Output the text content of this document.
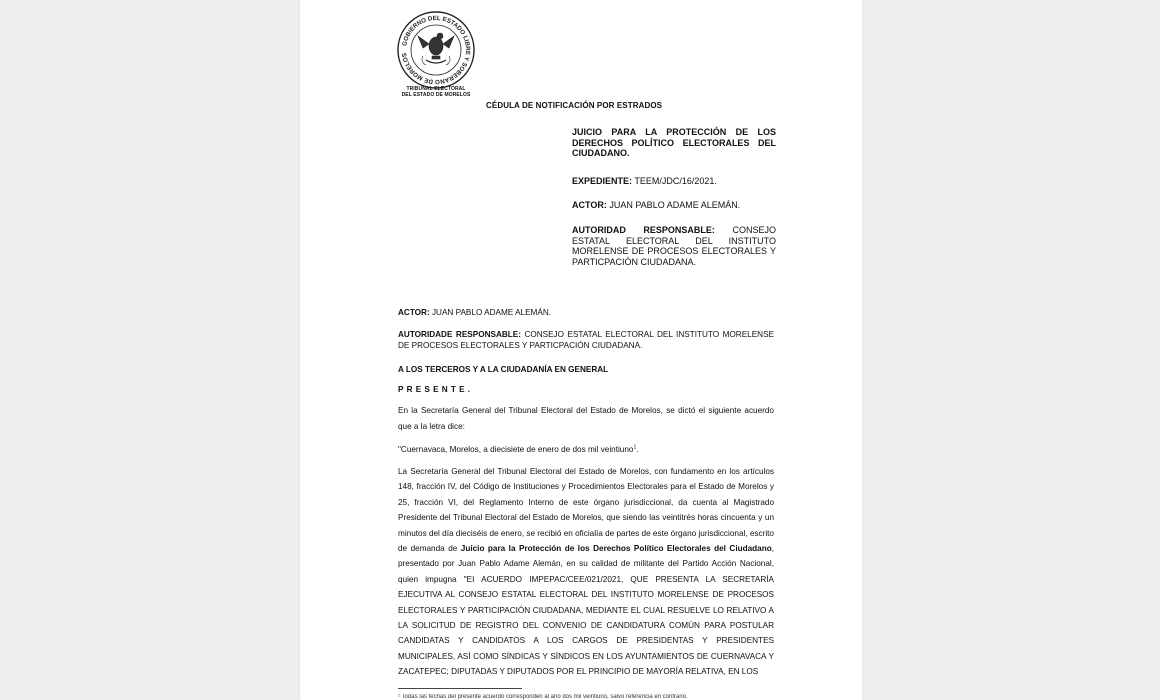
GOBIERNO DEL ESTADO LIBRE Y SOBERANO DE MORELOS
TRIBUNAL ELECTORAL
DEL ESTADO DE MORELOS
CÉDULA DE NOTIFICACIÓN POR ESTRADOS
JUICIO PARA LA PROTECCIÓN DE LOS DERECHOS POLÍTICO ELECTORALES DEL CIUDADANO.
EXPEDIENTE: TEEM/JDC/16/2021.
ACTOR: JUAN PABLO ADAME ALEMÁN.
AUTORIDAD RESPONSABLE: CONSEJO ESTATAL ELECTORAL DEL INSTITUTO MORELENSE DE PROCESOS ELECTORALES Y PARTICPACIÓN CIUDADANA.
ACTOR: JUAN PABLO ADAME ALEMÁN.
AUTORIDADE RESPONSABLE: CONSEJO ESTATAL ELECTORAL DEL INSTITUTO MORELENSE DE PROCESOS ELECTORALES Y PARTICPACIÓN CIUDADANA.
A LOS TERCEROS Y A LA CIUDADANÍA EN GENERAL
PRESENTE.
En la Secretaría General del Tribunal Electoral del Estado de Morelos, se dictó el siguiente acuerdo que a la letra dice:
"Cuernavaca, Morelos, a diecisiete de enero de dos mil veintiuno$^1$.
La Secretaría General del Tribunal Electoral del Estado de Morelos, con fundamento en los artículos 148, fracción IV, del Código de Instituciones y Procedimientos Electorales para el Estado de Morelos y 25, fracción VI, del Reglamento Interno de este órgano jurisdiccional, da cuenta al Magistrado Presidente del Tribunal Electoral del Estado de Morelos, que siendo las veintitrés horas cincuenta y un minutos del día dieciséis de enero, se recibió en oficialía de partes de este órgano jurisdiccional, escrito de demanda de Juicio para la Protección de los Derechos Político Electorales del Ciudadano, presentado por Juan Pablo Adame Alemán, en su calidad de militante del Partido Acción Nacional, quien impugna "EI ACUERDO IMPEPAC/CEE/021/2021, QUE PRESENTA LA SECRETARÍA EJECUTIVA AL CONSEJO ESTATAL ELECTORAL DEL INSTITUTO MORELENSE DE PROCESOS ELECTORALES Y PARTICIPACIÓN CIUDADANA, MEDIANTE EL CUAL RESUELVE LO RELATIVO A LA SOLICITUD DE REGISTRO DEL CONVENIO DE CANDIDATURA COMÚN PARA POSTULAR CANDIDATAS Y CANDIDATOS A LOS CARGOS DE PRESIDENTAS Y PRESIDENTES MUNICIPALES, ASÍ COMO SÍNDICAS Y SÍNDICOS EN LOS AYUNTAMIENTOS DE CUERNAVACA Y ZACATEPEC; DIPUTADAS Y DIPUTADOS POR EL PRINCIPIO DE MAYORÍA RELATIVA, EN LOS
¹ Todas las fechas del presente acuerdo corresponden al año dos mil veintiuno, salvo referencia en contrario.
